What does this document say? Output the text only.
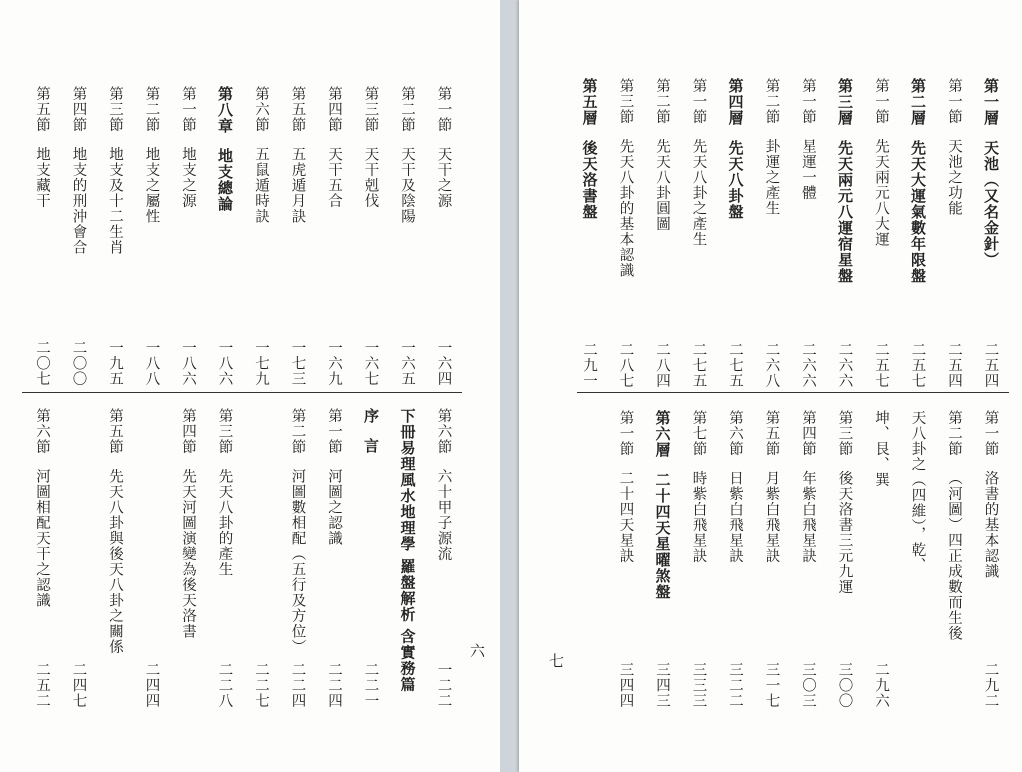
第一節天干之源
一六四
第二節天干及陰陽
一六五
第三節天干剋伐
一六七
第四節天干五合
一六九
第五節五虎遁月訣
一七三
第六節五鼠遁時訣
一七九
第八章地支總論
一八六
第一節地支之源
一八六
第二節地支之屬性
一八八
第三節地支及十二生肖
一九五
第四節地支的刑沖會合
二〇〇
第五節地支藏干
二〇七
第六節六十甲子源流
一二二
下冊易理風水地理學 羅盤解析 含實務篇
序言
二二一
第一節河圖之認識
二二四
第二節河圖數相配（五行及方位）
二二四
二二七
第三節先天八卦的產生
二二八
第四節先天河圖演變為後天洛書
二四四
第五節先天八卦與後天八卦之關係
二四七
第六節河圖相配天干之認識
二五二
六
第一層天池（又名金針）
二五四
第一節天池之功能
二五四
第二層先天大運氣數年限盤
二五七
第一節先天兩元八大運
二五七
第三層先天兩元八運宿星盤
二六六
第一節星運一體
二六六
第二節卦運之產生
二六八
第四層先天八卦盤
二七五
第一節先天八卦之產生
二七五
第二節先天八卦圓圖
二八四
第三節先天八卦的基本認識
二八七
第五層後天洛書盤
二九一
第一節洛書的基本認識
二九二
第二節（河圖）四正成數而生後
天八卦之（四維），乾、
坤、艮、巽
二九六
第三節後天洛書三元九運
三〇〇
第四節年紫白飛星訣
三〇三
第五節月紫白飛星訣
三一七
第六節日紫白飛星訣
三二二
第七節時紫白飛星訣
三三三
第六層二十四天星曜煞盤
三四三
第一節二十四天星訣
三四四
七
